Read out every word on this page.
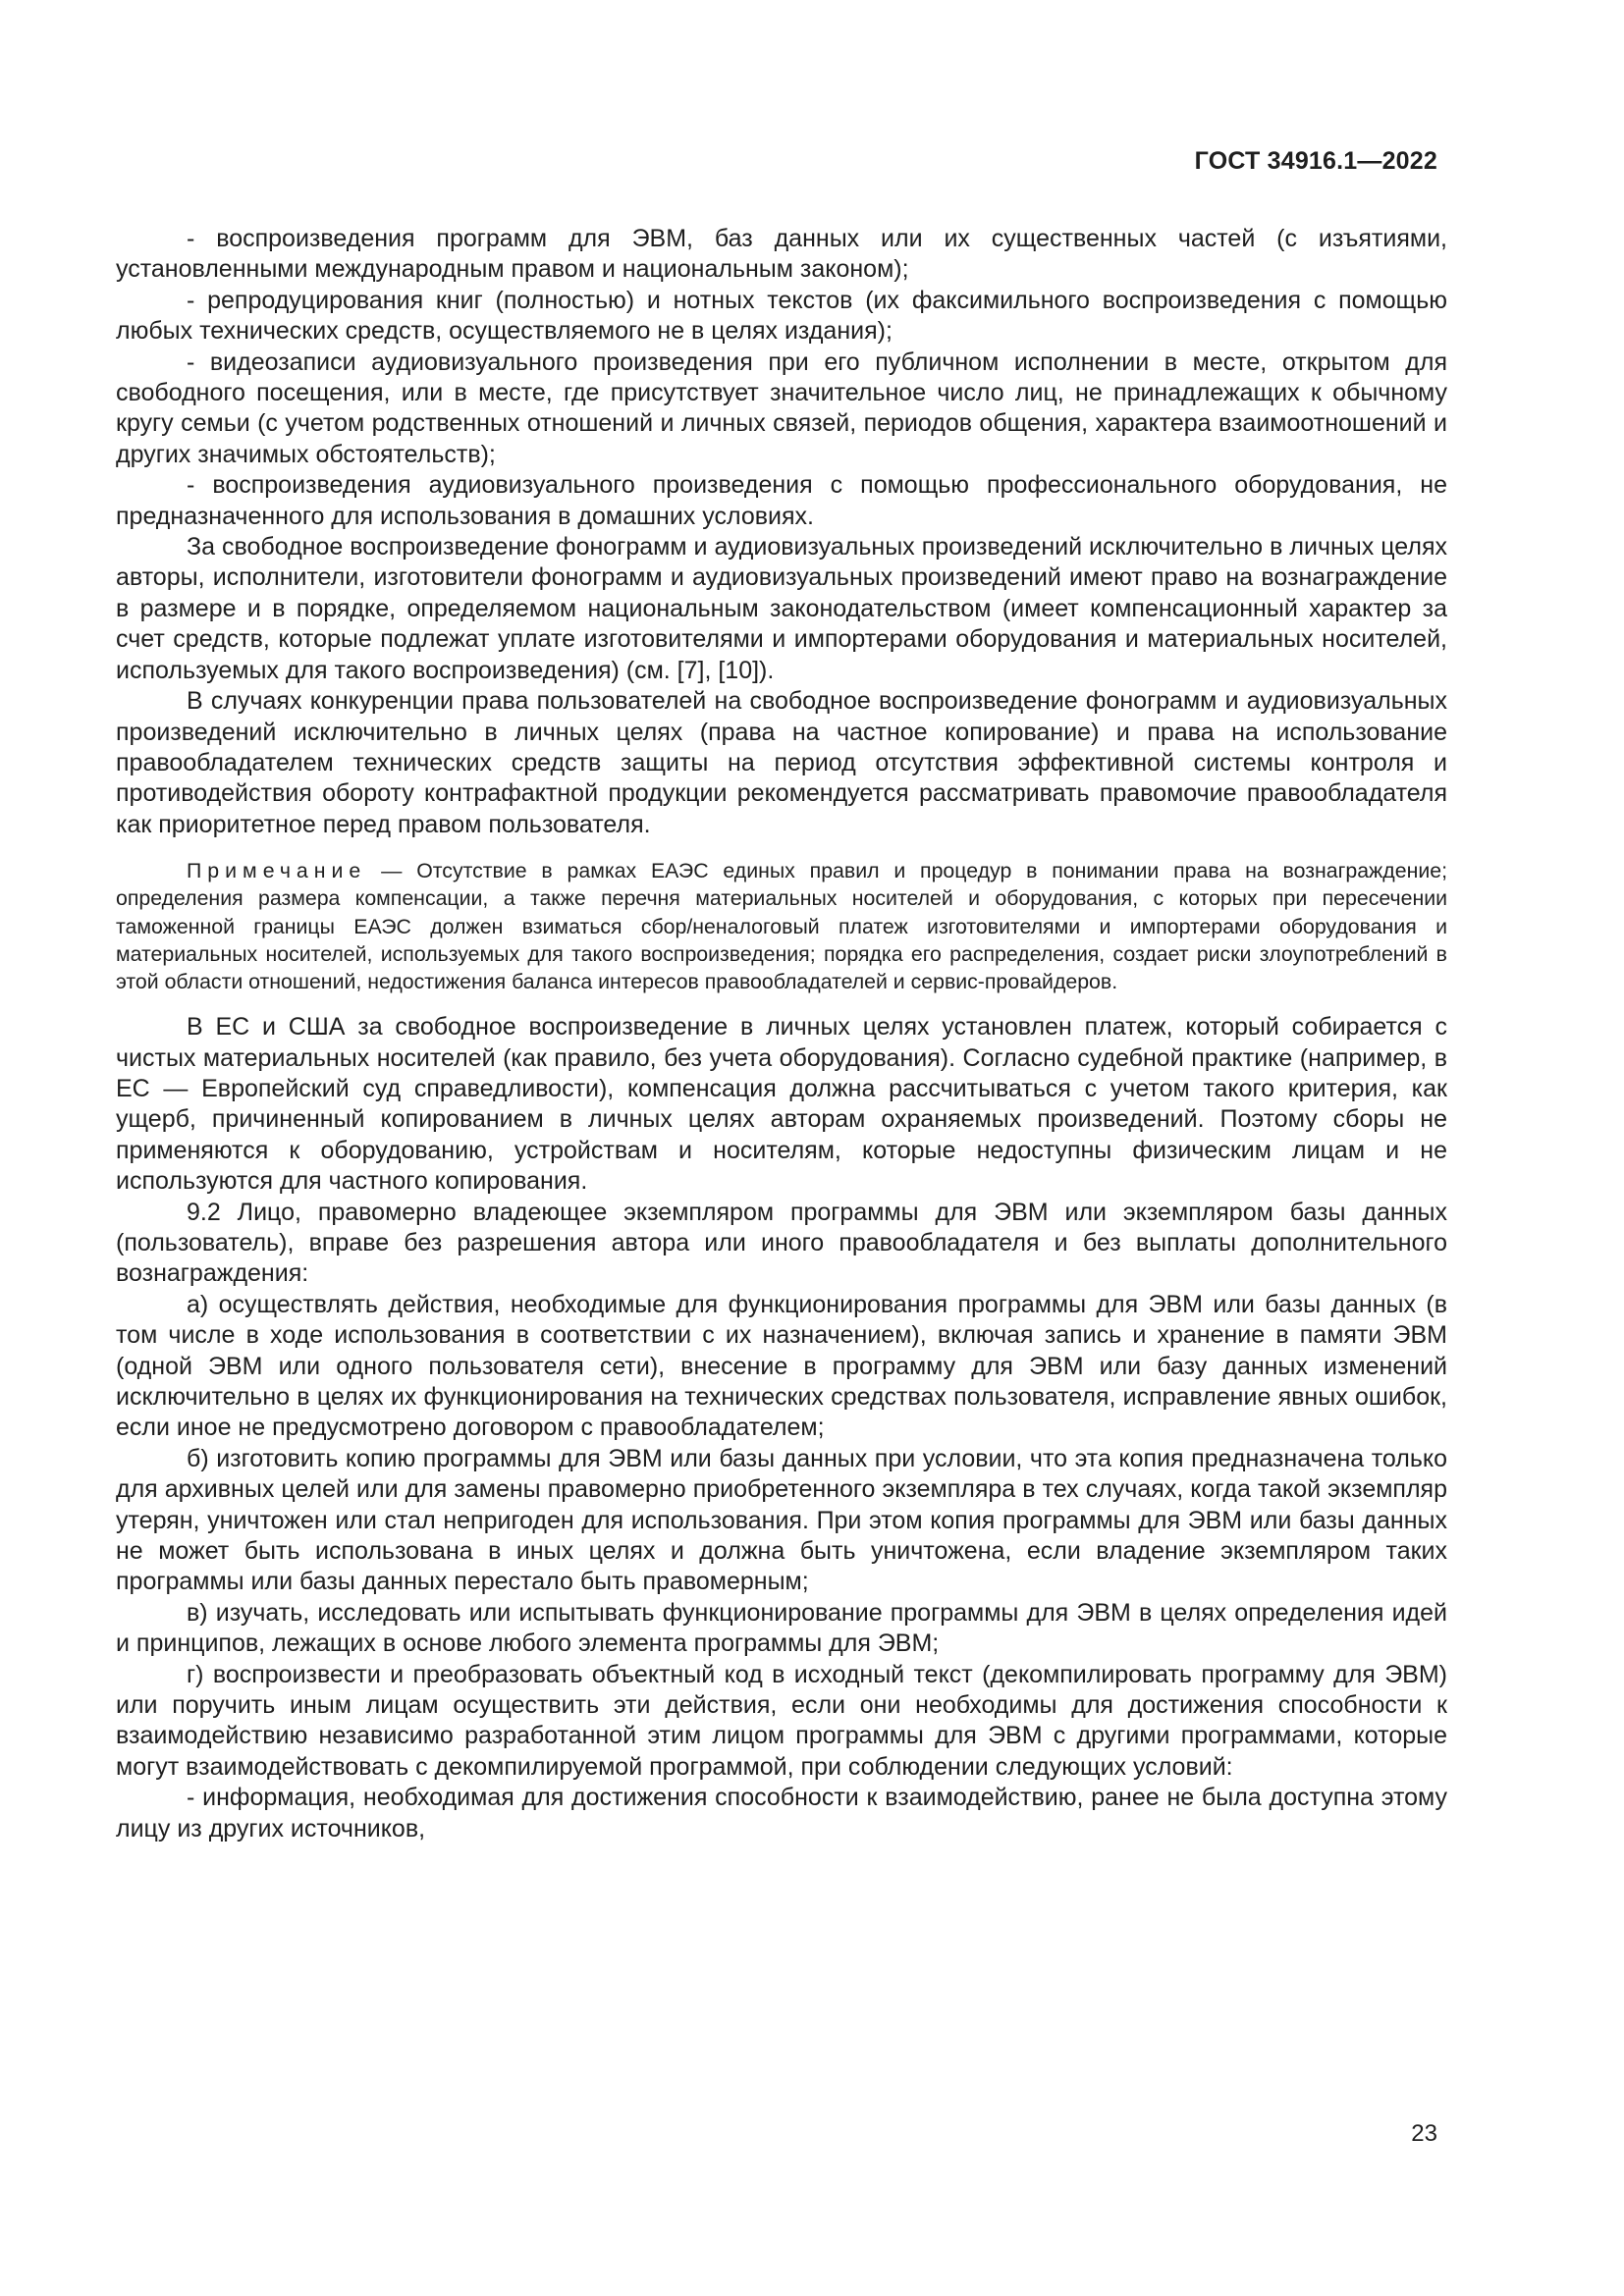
ГОСТ 34916.1—2022

- воспроизведения программ для ЭВМ, баз данных или их существенных частей (с изъятиями, установленными международным правом и национальным законом);

- репродуцирования книг (полностью) и нотных текстов (их факсимильного воспроизведения с помощью любых технических средств, осуществляемого не в целях издания);

- видеозаписи аудиовизуального произведения при его публичном исполнении в месте, открытом для свободного посещения, или в месте, где присутствует значительное число лиц, не принадлежащих к обычному кругу семьи (с учетом родственных отношений и личных связей, периодов общения, характера взаимоотношений и других значимых обстоятельств);

- воспроизведения аудиовизуального произведения с помощью профессионального оборудования, не предназначенного для использования в домашних условиях.

За свободное воспроизведение фонограмм и аудиовизуальных произведений исключительно в личных целях авторы, исполнители, изготовители фонограмм и аудиовизуальных произведений имеют право на вознаграждение в размере и в порядке, определяемом национальным законодательством (имеет компенсационный характер за счет средств, которые подлежат уплате изготовителями и импортерами оборудования и материальных носителей, используемых для такого воспроизведения) (см. [7], [10]).

В случаях конкуренции права пользователей на свободное воспроизведение фонограмм и аудиовизуальных произведений исключительно в личных целях (права на частное копирование) и права на использование правообладателем технических средств защиты на период отсутствия эффективной системы контроля и противодействия обороту контрафактной продукции рекомендуется рассматривать правомочие правообладателя как приоритетное перед правом пользователя.

Примечание — Отсутствие в рамках ЕАЭС единых правил и процедур в понимании права на вознаграждение; определения размера компенсации, а также перечня материальных носителей и оборудования, с которых при пересечении таможенной границы ЕАЭС должен взиматься сбор/неналоговый платеж изготовителями и импортерами оборудования и материальных носителей, используемых для такого воспроизведения; порядка его распределения, создает риски злоупотреблений в этой области отношений, недостижения баланса интересов правообладателей и сервис-провайдеров.

В ЕС и США за свободное воспроизведение в личных целях установлен платеж, который собирается с чистых материальных носителей (как правило, без учета оборудования). Согласно судебной практике (например, в ЕС — Европейский суд справедливости), компенсация должна рассчитываться с учетом такого критерия, как ущерб, причиненный копированием в личных целях авторам охраняемых произведений. Поэтому сборы не применяются к оборудованию, устройствам и носителям, которые недоступны физическим лицам и не используются для частного копирования.

9.2 Лицо, правомерно владеющее экземпляром программы для ЭВМ или экземпляром базы данных (пользователь), вправе без разрешения автора или иного правообладателя и без выплаты дополнительного вознаграждения:

а) осуществлять действия, необходимые для функционирования программы для ЭВМ или базы данных (в том числе в ходе использования в соответствии с их назначением), включая запись и хранение в памяти ЭВМ (одной ЭВМ или одного пользователя сети), внесение в программу для ЭВМ или базу данных изменений исключительно в целях их функционирования на технических средствах пользователя, исправление явных ошибок, если иное не предусмотрено договором с правообладателем;

б) изготовить копию программы для ЭВМ или базы данных при условии, что эта копия предназначена только для архивных целей или для замены правомерно приобретенного экземпляра в тех случаях, когда такой экземпляр утерян, уничтожен или стал непригоден для использования. При этом копия программы для ЭВМ или базы данных не может быть использована в иных целях и должна быть уничтожена, если владение экземпляром таких программы или базы данных перестало быть правомерным;

в) изучать, исследовать или испытывать функционирование программы для ЭВМ в целях определения идей и принципов, лежащих в основе любого элемента программы для ЭВМ;

г) воспроизвести и преобразовать объектный код в исходный текст (декомпилировать программу для ЭВМ) или поручить иным лицам осуществить эти действия, если они необходимы для достижения способности к взаимодействию независимо разработанной этим лицом программы для ЭВМ с другими программами, которые могут взаимодействовать с декомпилируемой программой, при соблюдении следующих условий:

- информация, необходимая для достижения способности к взаимодействию, ранее не была доступна этому лицу из других источников,

23
